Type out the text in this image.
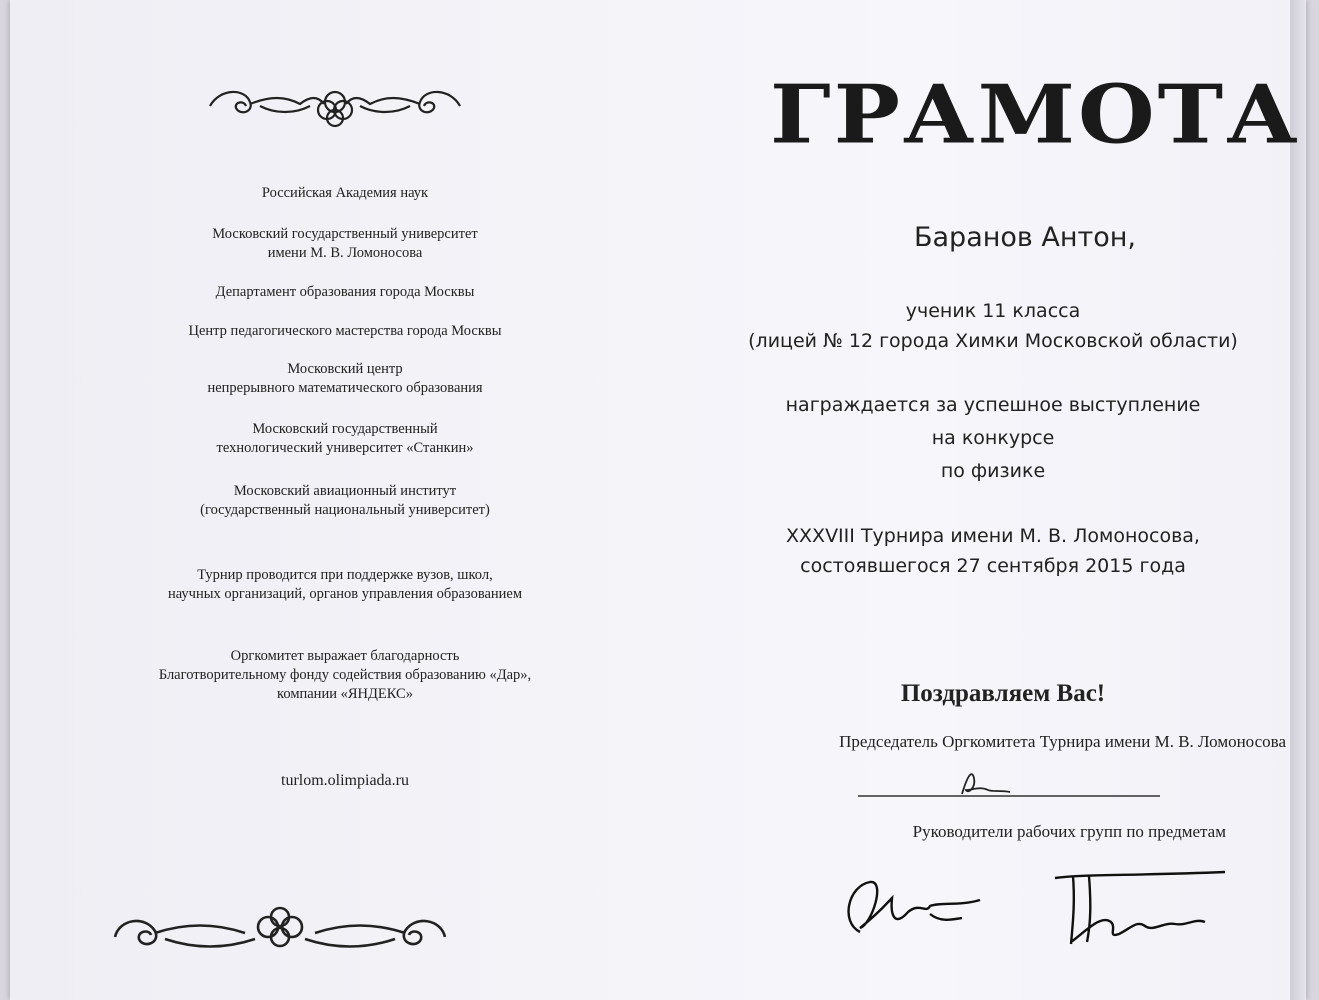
Российская Академия наук
Московский государственный университет
имени М. В. Ломоносова
Департамент образования города Москвы
Центр педагогического мастерства города Москвы
Московский центр
непрерывного математического образования
Московский государственный
технологический университет «Станкин»
Московский авиационный институт
(государственный национальный университет)
Турнир проводится при поддержке вузов, школ,
научных организаций, органов управления образованием
Оргкомитет выражает благодарность
Благотворительному фонду содействия образованию «Дар»,
компании «ЯНДЕКС»
turlom.olimpiada.ru
ГРАМОТА
Баранов Антон,
ученик 11 класса
(лицей № 12 города Химки Московской области)
награждается за успешное выступление
на конкурсе
по физике
XXXVIII Турнира имени М. В. Ломоносова,
состоявшегося 27 сентября 2015 года
Поздравляем Вас!
Председатель Оргкомитета Турнира имени М. В. Ломоносова
Руководители рабочих групп по предметам
